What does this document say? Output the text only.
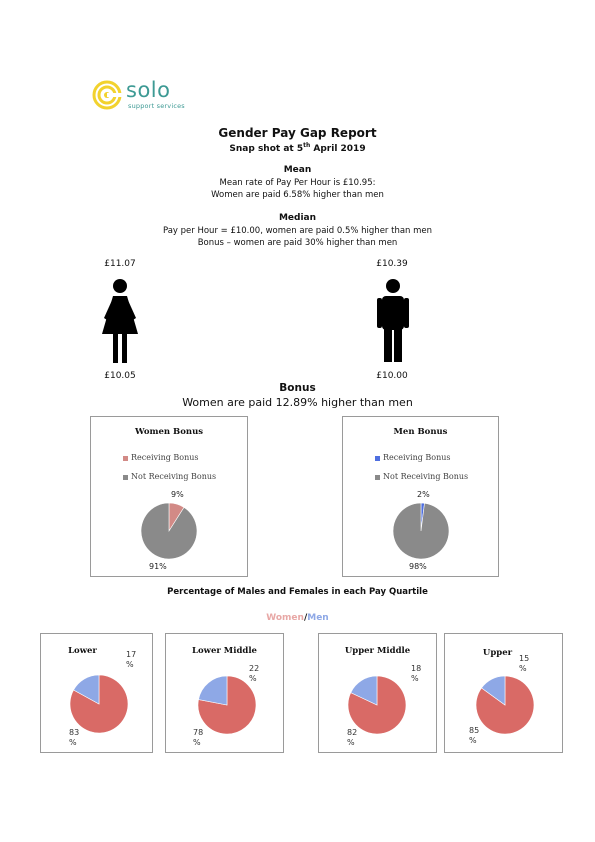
solo
support services
Gender Pay Gap Report
Snap shot at 5th April 2019
Mean
Mean rate of Pay Per Hour is £10.95:
Women are paid 6.58% higher than men
Median
Pay per Hour = £10.00, women are paid 0.5% higher than men
Bonus – women are paid 30% higher than men
£11.07
£10.05
£10.39
£10.00
Bonus
Women are paid 12.89% higher than men
Women Bonus
Receiving Bonus
Not Receiving Bonus
9%
91%
Men Bonus
Receiving Bonus
Not Receiving Bonus
2%
98%
Percentage of Males and Females in each Pay Quartile
Women/Men
Lower	17
%
83
%
Lower Middle
22
%
78
%
Upper Middle
18
%
82
%
Upper
15
%
85
%
